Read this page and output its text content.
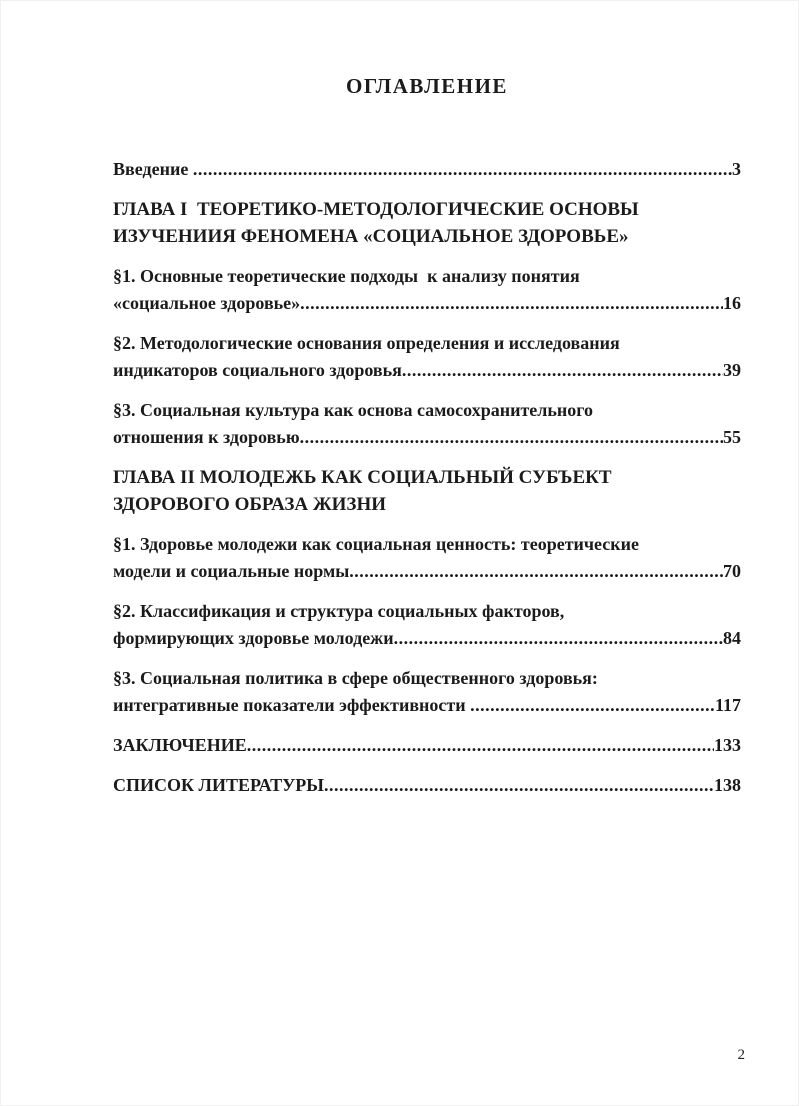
ОГЛАВЛЕНИЕ
Введение .....	3
ГЛАВА I  ТЕОРЕТИКО-МЕТОДОЛОГИЧЕСКИЕ ОСНОВЫ
ИЗУЧЕНИИЯ ФЕНОМЕНА «СОЦИАЛЬНОЕ ЗДОРОВЬЕ»
§1. Основные теоретические подходы  к анализу понятия
«социальное здоровье» .....	16
§2. Методологические основания определения и исследования
индикаторов социального здоровья .....	39
§3. Социальная культура как основа самосохранительного
отношения к здоровью .....	55
ГЛАВА II МОЛОДЕЖЬ КАК СОЦИАЛЬНЫЙ СУБЪЕКТ
ЗДОРОВОГО ОБРАЗА ЖИЗНИ
§1. Здоровье молодежи как социальная ценность: теоретические
модели и социальные нормы .....	70
§2. Классификация и структура социальных факторов,
формирующих здоровье молодежи .....	84
§3. Социальная политика в сфере общественного здоровья:
интегративные показатели эффективности .....	117
ЗАКЛЮЧЕНИЕ .....	133
СПИСОК ЛИТЕРАТУРЫ .....	138
2
